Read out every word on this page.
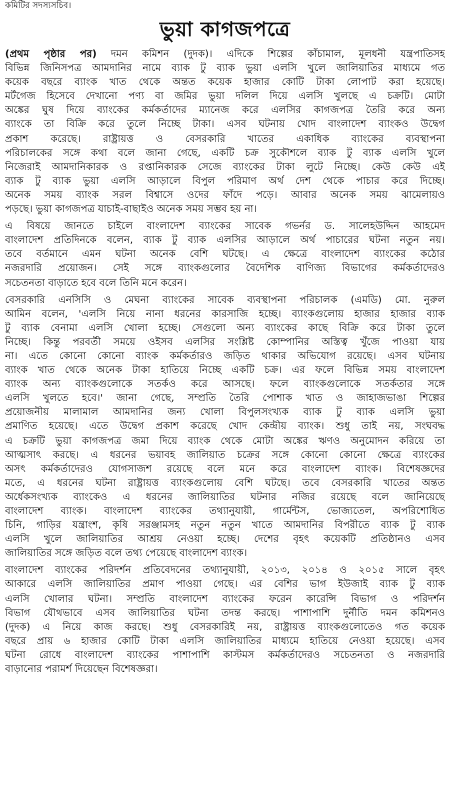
কমিটির সদস্যসচিব।
ভুয়া কাগজপত্রে
(প্রথম পৃষ্ঠার পর) দমন কমিশন (দুদক)। এদিকে শিল্পের কাঁচামাল, মূলধনী যন্ত্রপাতিসহ
বিভিন্ন জিনিসপত্র আমদানির নামে ব্যাক টু ব্যাক ভুয়া এলসি খুলে জালিয়াতির মাধ্যমে গত
কয়েক বছরে ব্যাংক খাত থেকে অন্তত কয়েক হাজার কোটি টাকা লোপাট করা হয়েছে।
মর্টগেজ হিসেবে দেখানো পণ্য বা জমির ভুয়া দলিল দিয়ে এলসি খুলছে এ চক্রটি। মোটা
অঙ্কের ঘুষ দিয়ে ব্যাংকের কর্মকর্তাদের ম্যানেজ করে এলসির কাগজপত্র তৈরি করে অন্য
ব্যাংকে তা বিক্রি করে তুলে নিচ্ছে টাকা। এসব ঘটনায় খোদ বাংলাদেশ ব্যাংকও উদ্বেগ
প্রকাশ করেছে। রাষ্ট্রায়ত্ত ও বেসরকারি খাতের একাধিক ব্যাংকের ব্যবস্থাপনা
পরিচালকের সঙ্গে কথা বলে জানা গেছে, একটি চক্র সুকৌশলে ব্যাক টু ব্যাক এলসি খুলে
নিজেরাই আমদানিকারক ও রপ্তানিকারক সেজে ব্যাংকের টাকা লুটে নিচ্ছে। কেউ কেউ এই
ব্যাক টু ব্যাক ভুয়া এলসি আড়ালে বিপুল পরিমাণ অর্থ দেশ থেকে পাচার করে দিচ্ছে।
অনেক সময় ব্যাংক সরল বিশ্বাসে ওদের ফাঁদে পড়ে। আবার অনেক সময় ঝামেলায়ও
পড়ছে। ভুয়া কাগজপত্র যাচাই-বাছাইও অনেক সময় সম্ভব হয় না।
এ বিষয়ে জানতে চাইলে বাংলাদেশ ব্যাংকের সাবেক গভর্নর ড. সালেহউদ্দিন আহমেদ
বাংলাদেশ প্রতিদিনকে বলেন, ব্যাক টু ব্যাক এলসির আড়ালে অর্থ পাচারের ঘটনা নতুন নয়।
তবে বর্তমানে এমন ঘটনা অনেক বেশি ঘটছে। এ ক্ষেত্রে বাংলাদেশ ব্যাংকের কঠোর
নজরদারি প্রয়োজন। সেই সঙ্গে ব্যাংকগুলোর বৈদেশিক বাণিজ্য বিভাগের কর্মকর্তাদেরও
সচেতনতা বাড়াতে হবে বলে তিনি মনে করেন।
বেসরকারি এনসিসি ও মেঘনা ব্যাংকের সাবেক ব্যবস্থাপনা পরিচালক (এমডি) মো. নুরুল
আমিন বলেন, 'এলসি নিয়ে নানা ধরনের কারসাজি হচ্ছে। ব্যাংকগুলোয় হাজার হাজার ব্যাক
টু ব্যাক বেনামা এলসি খোলা হচ্ছে। সেগুলো অন্য ব্যাংকের কাছে বিক্রি করে টাকা তুলে
নিচ্ছে। কিন্তু পরবর্তী সময়ে ওইসব এলসির সংশ্লিষ্ট কোম্পানির অস্তিত্ব খুঁজে পাওয়া যায়
না। এতে কোনো কোনো ব্যাংক কর্মকর্তারও জড়িত থাকার অভিযোগ রয়েছে। এসব ঘটনায়
ব্যাংক খাত থেকে অনেক টাকা হাতিয়ে নিচ্ছে একটি চক্র। এর ফলে বিভিন্ন সময় বাংলাদেশ
ব্যাংক অন্য ব্যাংকগুলোকে সতর্কও করে আসছে। ফলে ব্যাংকগুলোকে সতর্কতার সঙ্গে
এলসি খুলতে হবে।' জানা গেছে, সম্প্রতি তৈরি পোশাক খাত ও জাহাজভাঙা শিল্পের
প্রয়োজনীয় মালামাল আমদানির জন্য খোলা বিপুলসংখ্যক ব্যাক টু ব্যাক এলসি ভুয়া
প্রমাণিত হয়েছে। এতে উদ্বেগ প্রকাশ করেছে খোদ কেন্দ্রীয় ব্যাংক। শুধু তাই নয়, সংঘবদ্ধ
এ চক্রটি ভুয়া কাগজপত্র জমা দিয়ে ব্যাংক থেকে মোটা অঙ্কের ঋণও অনুমোদন করিয়ে তা
আত্মসাৎ করছে। এ ধরনের ভয়াবহ জালিয়াত চক্রের সঙ্গে কোনো কোনো ক্ষেত্রে ব্যাংকের
অসৎ কর্মকর্তাদেরও যোগসাজশ রয়েছে বলে মনে করে বাংলাদেশ ব্যাংক। বিশেষজ্ঞদের
মতে, এ ধরনের ঘটনা রাষ্ট্রায়ত্ত ব্যাংকগুলোয় বেশি ঘটছে। তবে বেসরকারি খাতের অন্তত
অর্ধেকসংখ্যক ব্যাংকেও এ ধরনের জালিয়াতির ঘটনার নজির রয়েছে বলে জানিয়েছে
বাংলাদেশ ব্যাংক। বাংলাদেশ ব্যাংকের তথ্যানুযায়ী, গার্মেন্টস, ভোজ্যতেল, অপরিশোধিত
চিনি, গাড়ির যন্ত্রাংশ, কৃষি সরঞ্জামসহ নতুন নতুন খাতে আমদানির বিপরীতে ব্যাক টু ব্যাক
এলসি খুলে জালিয়াতির আশ্রয় নেওয়া হচ্ছে। দেশের বৃহৎ কয়েকটি প্রতিষ্ঠানও এসব
জালিয়াতির সঙ্গে জড়িত বলে তথ্য পেয়েছে বাংলাদেশ ব্যাংক।
বাংলাদেশ ব্যাংকের পরিদর্শন প্রতিবেদনের তথ্যানুযায়ী, ২০১৩, ২০১৪ ও ২০১৫ সালে বৃহৎ
আকারে এলসি জালিয়াতির প্রমাণ পাওয়া গেছে। এর বেশির ভাগ ইউজাই ব্যাক টু ব্যাক
এলসি খোলার ঘটনা। সম্প্রতি বাংলাদেশ ব্যাংকের ফরেন কারেন্সি বিভাগ ও পরিদর্শন
বিভাগ যৌথভাবে এসব জালিয়াতির ঘটনা তদন্ত করছে। পাশাপাশি দুর্নীতি দমন কমিশনও
(দুদক) এ নিয়ে কাজ করছে। শুধু বেসরকারিই নয়, রাষ্ট্রায়ত্ত ব্যাংকগুলোতেও গত কয়েক
বছরে প্রায় ৬ হাজার কোটি টাকা এলসি জালিয়াতির মাধ্যমে হাতিয়ে নেওয়া হয়েছে। এসব
ঘটনা রোধে বাংলাদেশ ব্যাংকের পাশাপাশি কাস্টমস কর্মকর্তাদেরও সচেতনতা ও নজরদারি
বাড়ানোর পরামর্শ দিয়েছেন বিশেষজ্ঞরা।
